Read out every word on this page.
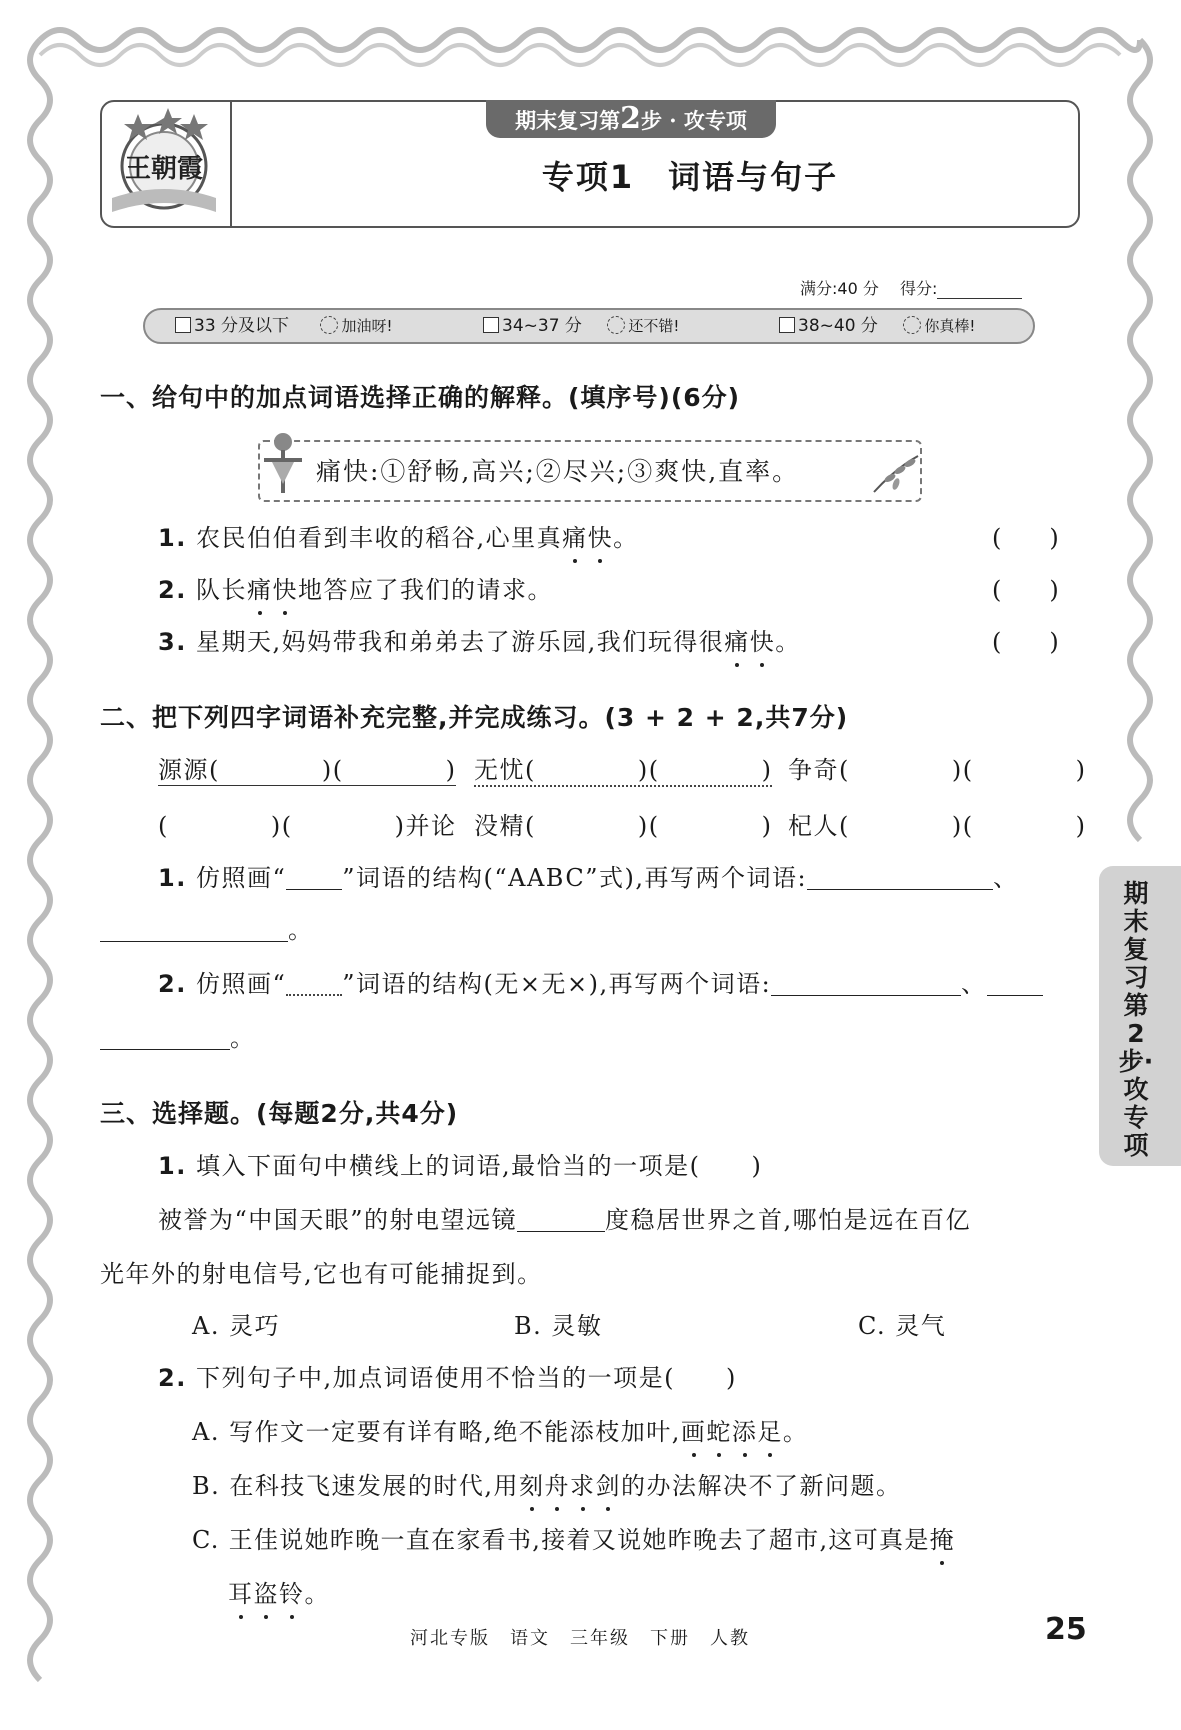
王朝霞
期末复习第2步 · 攻专项
专项1　词语与句子
满分:40 分　 得分:
33 分及以下	加油呀!	34~37 分	还不错!	38~40 分	你真棒!
一、给句中的加点词语选择正确的解释。(填序号)(6分)
痛快:①舒畅,高兴;②尽兴;③爽快,直率。
1. 农民伯伯看到丰收的稻谷,心里真痛快。	(　　)
2. 队长痛快地答应了我们的请求。	(　　)
3. 星期天,妈妈带我和弟弟去了游乐园,我们玩得很痛快。	(　　)
二、把下列四字词语补充完整,并完成练习。(3 + 2 + 2,共7分)
源源(　　　　)(　　　　) 无忧(　　　　)(　　　　) 争奇(　　　　)(　　　　)
(　　　　)(　　　　)并论 没精(　　　　)(　　　　) 杞人(　　　　)(　　　　)
1. 仿照画“ ”词语的结构(“AABC”式),再写两个词语:	、
。
2. 仿照画“ ”词语的结构(无×无×),再写两个词语:	、
。
期末复习第2步·攻专项
三、选择题。(每题2分,共4分)
1. 填入下面句中横线上的词语,最恰当的一项是(　　)
被誉为“中国天眼”的射电望远镜	度稳居世界之首,哪怕是远在百亿
光年外的射电信号,它也有可能捕捉到。
A. 灵巧	B. 灵敏	C. 灵气
2. 下列句子中,加点词语使用不恰当的一项是(　　)
A. 写作文一定要有详有略,绝不能添枝加叶,画蛇添足。
B. 在科技飞速发展的时代,用刻舟求剑的办法解决不了新问题。
C. 王佳说她昨晚一直在家看书,接着又说她昨晚去了超市,这可真是掩
耳盗铃。
河北专版　语文　三年级　下册　人教	25
